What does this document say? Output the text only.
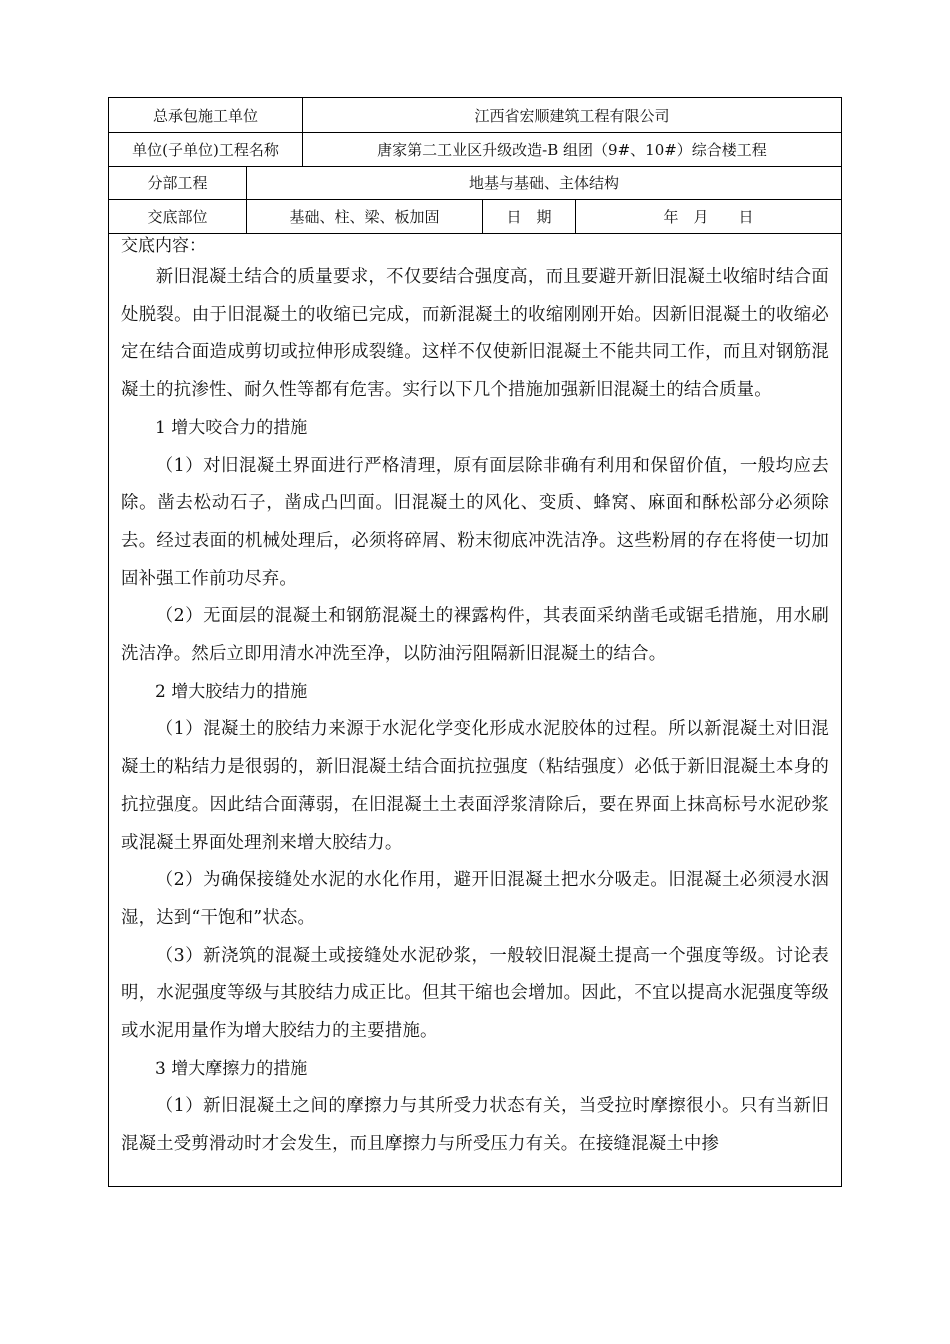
总承包施工单位	江西省宏顺建筑工程有限公司
单位(子单位)工程名称	唐家第二工业区升级改造-B 组团（9#、10#）综合楼工程
分部工程	地基与基础、主体结构
交底部位	基础、柱、梁、板加固	日　期	年　月　　日
交底内容：

新旧混凝土结合的质量要求，不仅要结合强度高，而且要避开新旧混凝土收缩时结合面处脱裂。由于旧混凝土的收缩已完成，而新混凝土的收缩刚刚开始。因新旧混凝土的收缩必定在结合面造成剪切或拉伸形成裂缝。这样不仅使新旧混凝土不能共同工作，而且对钢筋混凝土的抗渗性、耐久性等都有危害。实行以下几个措施加强新旧混凝土的结合质量。

1 增大咬合力的措施

（1）对旧混凝土界面进行严格清理，原有面层除非确有利用和保留价值，一般均应去除。凿去松动石子，凿成凸凹面。旧混凝土的风化、变质、蜂窝、麻面和酥松部分必须除去。经过表面的机械处理后，必须将碎屑、粉末彻底冲洗洁净。这些粉屑的存在将使一切加固补强工作前功尽弃。

（2）无面层的混凝土和钢筋混凝土的裸露构件，其表面采纳凿毛或锯毛措施，用水刷洗洁净。然后立即用清水冲洗至净，以防油污阻隔新旧混凝土的结合。

2 增大胶结力的措施

（1）混凝土的胶结力来源于水泥化学变化形成水泥胶体的过程。所以新混凝土对旧混凝土的粘结力是很弱的，新旧混凝土结合面抗拉强度（粘结强度）必低于新旧混凝土本身的抗拉强度。因此结合面薄弱，在旧混凝土土表面浮浆清除后，要在界面上抹高标号水泥砂浆或混凝土界面处理剂来增大胶结力。

（2）为确保接缝处水泥的水化作用，避开旧混凝土把水分吸走。旧混凝土必须浸水洇湿，达到“干饱和”状态。

（3）新浇筑的混凝土或接缝处水泥砂浆，一般较旧混凝土提高一个强度等级。讨论表明，水泥强度等级与其胶结力成正比。但其干缩也会增加。因此，不宜以提高水泥强度等级或水泥用量作为增大胶结力的主要措施。

3 增大摩擦力的措施

（1）新旧混凝土之间的摩擦力与其所受力状态有关，当受拉时摩擦很小。只有当新旧混凝土受剪滑动时才会发生，而且摩擦力与所受压力有关。在接缝混凝土中掺
